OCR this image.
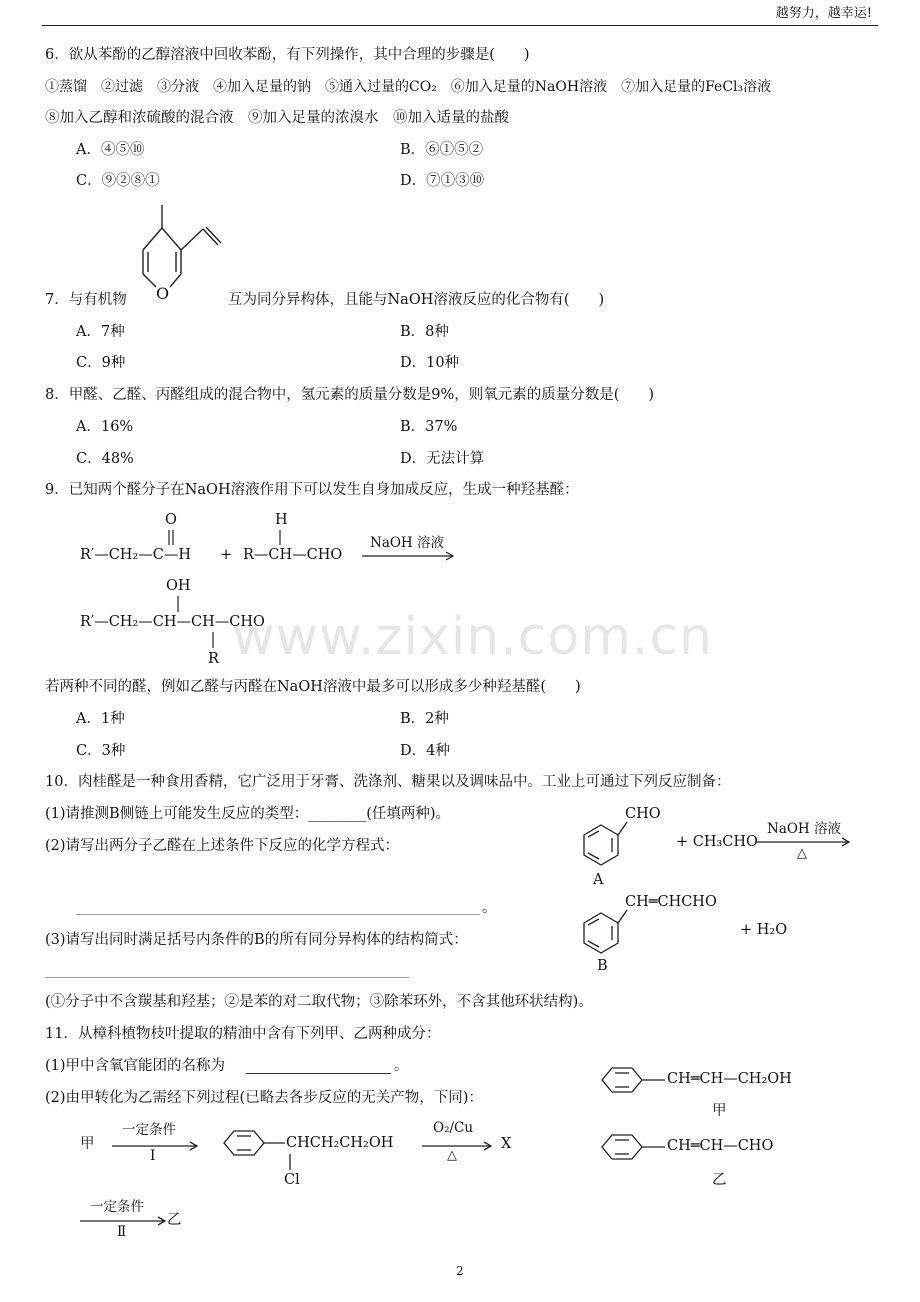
越努力，越幸运!
www.zixin.com.cn
6．欲从苯酚的乙醇溶液中回收苯酚，有下列操作，其中合理的步骤是(　　)
①蒸馏　②过滤　③分液　④加入足量的钠　⑤通入过量的CO₂　⑥加入足量的NaOH溶液　⑦加入足量的FeCl₃溶液
⑧加入乙醇和浓硫酸的混合液　⑨加入足量的浓溴水　⑩加入适量的盐酸
A．④⑤⑩	B．⑥①⑤②
C．⑨②⑧①	D．⑦①③⑩
O
7．与有机物	互为同分异构体，且能与NaOH溶液反应的化合物有(　　)
A．7种	B．8种
C．9种	D．10种
8．甲醛、乙醛、丙醛组成的混合物中，氢元素的质量分数是9%，则氧元素的质量分数是(　　)
A．16%	B．37%
C．48%	D．无法计算
9．已知两个醛分子在NaOH溶液作用下可以发生自身加成反应，生成一种羟基醛：
O	H
R′—CH₂—C—H + R—CH—CHO
NaOH 溶液
OH
R′—CH₂—CH—CH—CHO
R
若两种不同的醛，例如乙醛与丙醛在NaOH溶液中最多可以形成多少种羟基醛(　　)
A．1种	B．2种
C．3种	D．4种
10．肉桂醛是一种食用香精，它广泛用于牙膏、洗涤剂、糖果以及调味品中。工业上可通过下列反应制备：
(1)请推测B侧链上可能发生反应的类型：________(任填两种)。
(2)请写出两分子乙醛在上述条件下反应的化学方程式：
。
(3)请写出同时满足括号内条件的B的所有同分异构体的结构简式：
(①分子中不含羰基和羟基；②是苯的对二取代物；③除苯环外，不含其他环状结构)。
CHO
A
+ CH₃CHO
NaOH 溶液
△
CH═CHCHO
+ H₂O
B
11．从樟科植物枝叶提取的精油中含有下列甲、乙两种成分：
(1)甲中含氧官能团的名称为	。
(2)由甲转化为乙需经下列过程(已略去各步反应的无关产物，下同)：
CH═CH—CH₂OH
甲
CH═CH—CHO
乙
甲
一定条件
Ⅰ
CHCH₂CH₂OH
Cl
O₂/Cu
△
X
一定条件
Ⅱ
乙
2
